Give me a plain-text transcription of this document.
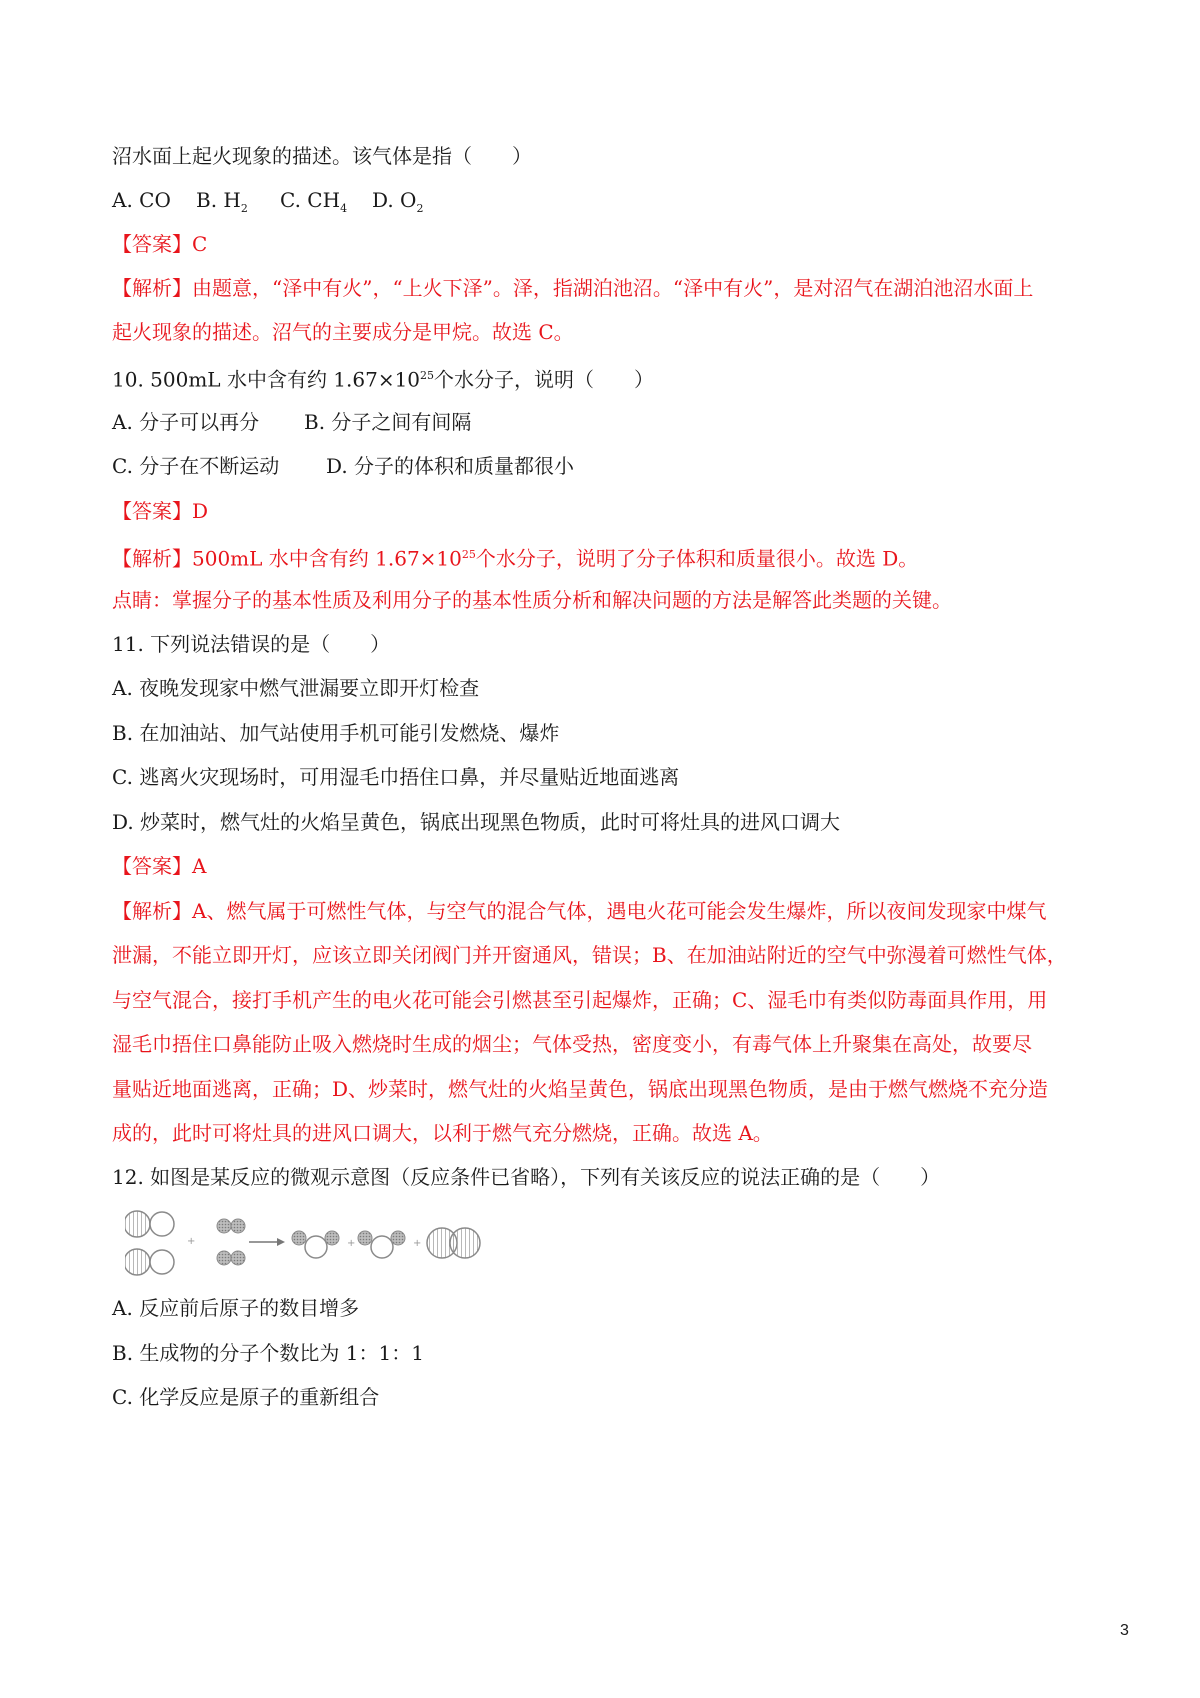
沼水面上起火现象的描述。该气体是指（　　）
A. CO B. $H_2$ C. $CH_4$ D. $O_2$
【答案】C
【解析】由题意，“泽中有火”，“上火下泽”。泽，指湖泊池沼。“泽中有火”，是对沼气在湖泊池沼水面上
起火现象的描述。沼气的主要成分是甲烷。故选 C。
10. 500mL 水中含有约 $1.67\times 10^{25}$个水分子，说明（　　）
A. 分子可以再分 B. 分子之间有间隔
C. 分子在不断运动 D. 分子的体积和质量都很小
【答案】D
【解析】500mL 水中含有约 $1.67\times 10^{25}$个水分子，说明了分子体积和质量很小。故选 D。
点睛：掌握分子的基本性质及利用分子的基本性质分析和解决问题的方法是解答此类题的关键。
11. 下列说法错误的是（　　）
A. 夜晚发现家中燃气泄漏要立即开灯检查
B. 在加油站、加气站使用手机可能引发燃烧、爆炸
C. 逃离火灾现场时，可用湿毛巾捂住口鼻，并尽量贴近地面逃离
D. 炒菜时，燃气灶的火焰呈黄色，锅底出现黑色物质，此时可将灶具的进风口调大
【答案】A
【解析】A、燃气属于可燃性气体，与空气的混合气体，遇电火花可能会发生爆炸，所以夜间发现家中煤气
泄漏，不能立即开灯，应该立即关闭阀门并开窗通风，错误；B、在加油站附近的空气中弥漫着可燃性气体，
与空气混合，接打手机产生的电火花可能会引燃甚至引起爆炸，正确；C、湿毛巾有类似防毒面具作用，用
湿毛巾捂住口鼻能防止吸入燃烧时生成的烟尘；气体受热，密度变小，有毒气体上升聚集在高处，故要尽
量贴近地面逃离，正确；D、炒菜时，燃气灶的火焰呈黄色，锅底出现黑色物质，是由于燃气燃烧不充分造
成的，此时可将灶具的进风口调大，以利于燃气充分燃烧，正确。故选 A。
12. 如图是某反应的微观示意图（反应条件已省略），下列有关该反应的说法正确的是（　　）
+	+	+
A. 反应前后原子的数目增多
B. 生成物的分子个数比为 1：1：1
C. 化学反应是原子的重新组合
3
